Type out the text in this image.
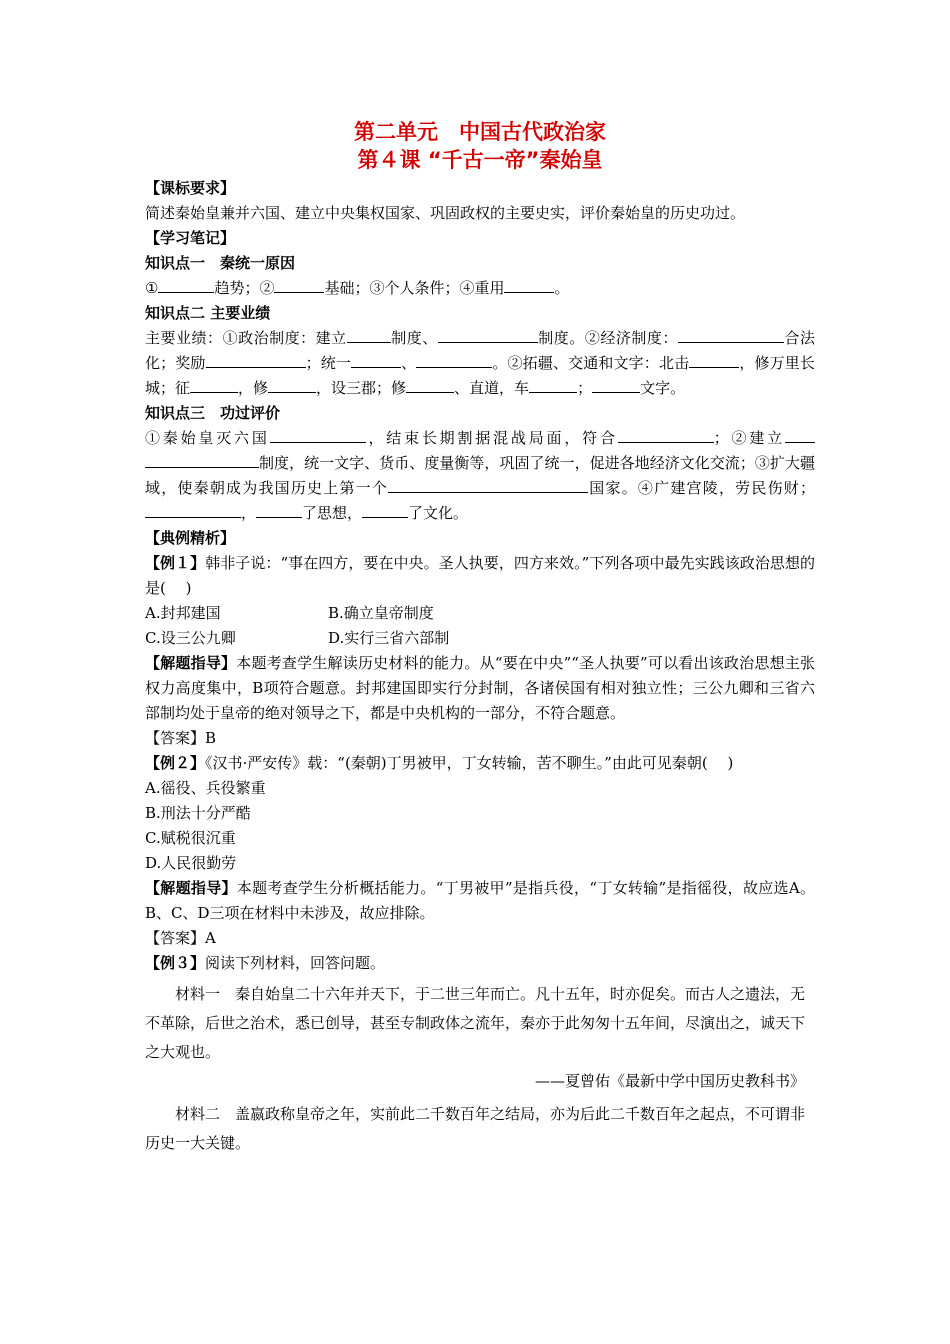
第二单元　中国古代政治家
第４课 “千古一帝”秦始皇

【课标要求】

简述秦始皇兼并六国、建立中央集权国家、巩固政权的主要史实，评价秦始皇的历史功过。

【学习笔记】

知识点一　秦统一原因

①	趋势；②	基础；③个人条件；④重用	。

知识点二 主要业绩

主要业绩：①政治制度：建立	制度、	制度。②经济制度：	合法化；奖励	；统一	、	。②拓疆、交通和文字：北击	，修万里长城；征	，修	，设三郡；修	、直道，车	；	文字。

知识点三　功过评价

①秦始皇灭六国	，结束长期割据混战局面，符合	；②建立制度，统一文字、货币、度量衡等，巩固了统一，促进各地经济文化交流；③扩大疆域，使秦朝成为我国历史上第一个	国家。④广建宫陵，劳民伤财；，	了思想，	了文化。

【典例精析】

【例１】韩非子说：“事在四方，要在中央。圣人执要，四方来效。”下列各项中最先实践该政治思想的是(　 )

A.封邦建国	B.确立皇帝制度
C.设三公九卿	D.实行三省六部制

【解题指导】本题考查学生解读历史材料的能力。从“要在中央”“圣人执要”可以看出该政治思想主张权力高度集中，B项符合题意。封邦建国即实行分封制，各诸侯国有相对独立性；三公九卿和三省六部制均处于皇帝的绝对领导之下，都是中央机构的一部分，不符合题意。

【答案】B

【例２】《汉书·严安传》载：“(秦朝)丁男被甲，丁女转输，苦不聊生。”由此可见秦朝(　 )

A.徭役、兵役繁重

B.刑法十分严酷

C.赋税很沉重

D.人民很勤劳

【解题指导】本题考查学生分析概括能力。“丁男被甲”是指兵役，“丁女转输”是指徭役，故应选A。B、C、D三项在材料中未涉及，故应排除。

【答案】A

【例３】阅读下列材料，回答问题。

材料一　秦自始皇二十六年并天下，于二世三年而亡。凡十五年，时亦促矣。而古人之遗法，无不革除，后世之治术，悉已创导，甚至专制政体之流年，秦亦于此匆匆十五年间，尽演出之，诚天下之大观也。

——夏曾佑《最新中学中国历史教科书》

材料二　盖嬴政称皇帝之年，实前此二千数百年之结局，亦为后此二千数百年之起点，不可谓非历史一大关键。
